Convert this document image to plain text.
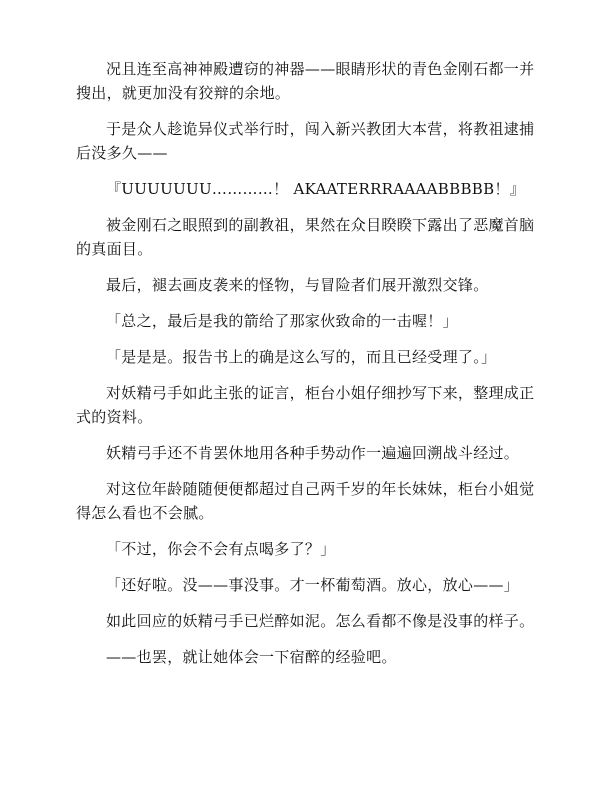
况且连至高神神殿遭窃的神器——眼睛形状的青色金刚石都一并搜出，就更加没有狡辩的余地。

于是众人趁诡异仪式举行时，闯入新兴教团大本营，将教祖逮捕后没多久——

『UUUUUUU…………！ AKAATERRRAAAABBBBB！』

被金刚石之眼照到的副教祖，果然在众目睽睽下露出了恶魔首脑的真面目。

最后，褪去画皮袭来的怪物，与冒险者们展开激烈交锋。

「总之，最后是我的箭给了那家伙致命的一击喔！」

「是是是。报告书上的确是这么写的，而且已经受理了。」

对妖精弓手如此主张的证言，柜台小姐仔细抄写下来，整理成正式的资料。

妖精弓手还不肯罢休地用各种手势动作一遍遍回溯战斗经过。

对这位年龄随随便便都超过自己两千岁的年长妹妹，柜台小姐觉得怎么看也不会腻。

「不过，你会不会有点喝多了？」

「还好啦。没——事没事。才一杯葡萄酒。放心，放心——」

如此回应的妖精弓手已烂醉如泥。怎么看都不像是没事的样子。

——也罢，就让她体会一下宿醉的经验吧。
